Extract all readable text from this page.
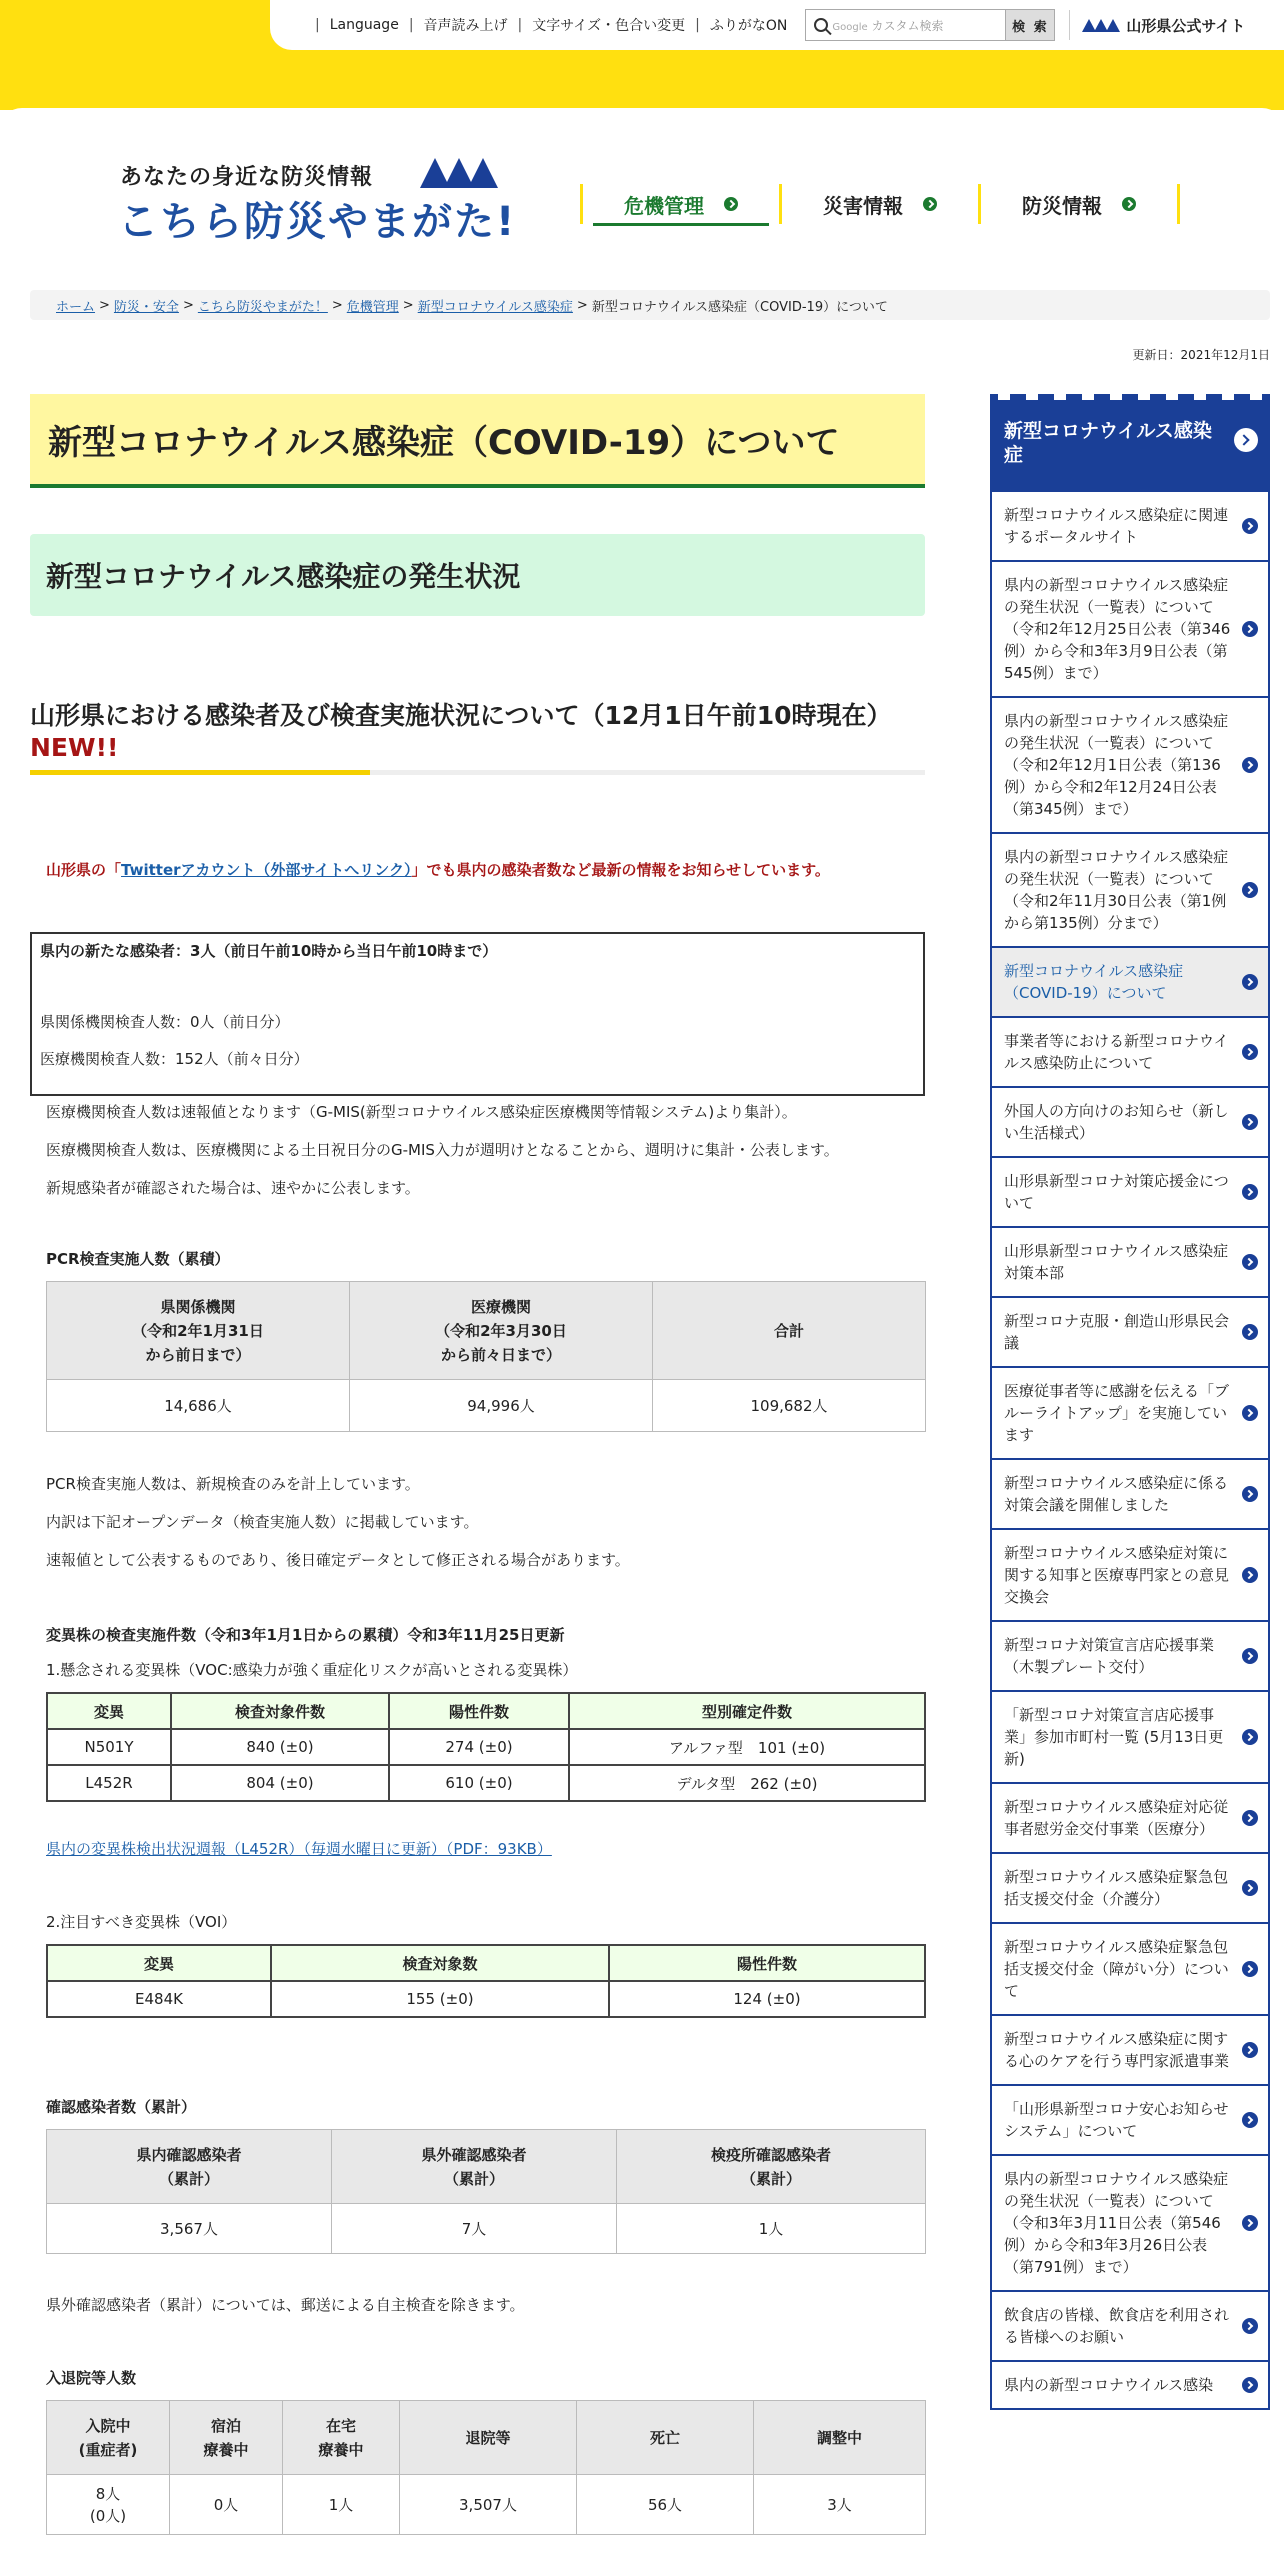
| Language | 音声読み上げ | 文字サイズ・色合い変更 | ふりがなON	Google カスタム検索	検 索	山形県公式サイト
あなたの身近な防災情報
こちら防災やまがた!	危機管理	災害情報	防災情報
ホーム > 防災・安全 > こちら防災やまがた！ > 危機管理 > 新型コロナウイルス感染症 > 新型コロナウイルス感染症（COVID-19）について
更新日：2021年12月1日
新型コロナウイルス感染症（COVID-19）について
新型コロナウイルス感染症の発生状況
山形県における感染者及び検査実施状況について（12月1日午前10時現在）
NEW!!
山形県の「Twitterアカウント（外部サイトへリンク）」でも県内の感染者数など最新の情報をお知らせしています。
県内の新たな感染者：3人（前日午前10時から当日午前10時まで）

県関係機関検査人数：0人（前日分）

医療機関検査人数：152人（前々日分）

医療機関検査人数は速報値となります（G-MIS(新型コロナウイルス感染症医療機関等情報システム)より集計）。

医療機関検査人数は、医療機関による土日祝日分のG-MIS入力が週明けとなることから、週明けに集計・公表します。

新規感染者が確認された場合は、速やかに公表します。

PCR検査実施人数（累積）
県関係機関
（令和2年1月31日
から前日まで）	医療機関
（令和2年3月30日
から前々日まで）	合計
14,686人	94,996人	109,682人

PCR検査実施人数は、新規検査のみを計上しています。

内訳は下記オープンデータ（検査実施人数）に掲載しています。

速報値として公表するものであり、後日確定データとして修正される場合があります。

変異株の検査実施件数（令和3年1月1日からの累積）令和3年11月25日更新
1.懸念される変異株（VOC:感染力が強く重症化リスクが高いとされる変異株）
変異	検査対象件数	陽性件数	型別確定件数
N501Y	840 (±0)	274 (±0)	アルファ型　101 (±0)
L452R	804 (±0)	610 (±0)	デルタ型　262 (±0)
県内の変異株検出状況週報（L452R）（毎週水曜日に更新）（PDF：93KB）
2.注目すべき変異株（VOI）
変異	検査対象数	陽性件数
E484K	155 (±0)	124 (±0)
確認感染者数（累計）
県内確認感染者
（累計）	県外確認感染者
（累計）	検疫所確認感染者
（累計）
3,567人	7人	1人
県外確認感染者（累計）については、郵送による自主検査を除きます。
入退院等人数
入院中
(重症者)	宿泊
療養中	在宅
療養中	退院等	死亡	調整中
8人
(0人)	0人	1人	3,507人	56人	3人
新型コロナウイルス感染症
新型コロナウイルス感染症に関連するポータルサイト
県内の新型コロナウイルス感染症の発生状況（一覧表）について（令和2年12月25日公表（第346例）から令和3年3月9日公表（第545例）まで）
県内の新型コロナウイルス感染症の発生状況（一覧表）について（令和2年12月1日公表（第136例）から令和2年12月24日公表（第345例）まで）
県内の新型コロナウイルス感染症の発生状況（一覧表）について（令和2年11月30日公表（第1例から第135例）分まで）
新型コロナウイルス感染症（COVID-19）について
事業者等における新型コロナウイルス感染防止について
外国人の方向けのお知らせ（新しい生活様式）
山形県新型コロナ対策応援金について
山形県新型コロナウイルス感染症対策本部
新型コロナ克服・創造山形県民会議
医療従事者等に感謝を伝える「ブルーライトアップ」を実施しています
新型コロナウイルス感染症に係る対策会議を開催しました
新型コロナウイルス感染症対策に関する知事と医療専門家との意見交換会
新型コロナ対策宣言店応援事業（木製プレート交付）
「新型コロナ対策宣言店応援事業」参加市町村一覧 (5月13日更新)
新型コロナウイルス感染症対応従事者慰労金交付事業（医療分）
新型コロナウイルス感染症緊急包括支援交付金（介護分）
新型コロナウイルス感染症緊急包括支援交付金（障がい分）について
新型コロナウイルス感染症に関する心のケアを行う専門家派遣事業
「山形県新型コロナ安心お知らせシステム」について
県内の新型コロナウイルス感染症の発生状況（一覧表）について（令和3年3月11日公表（第546例）から令和3年3月26日公表（第791例）まで）
飲食店の皆様、飲食店を利用される皆様へのお願い
県内の新型コロナウイルス感染
